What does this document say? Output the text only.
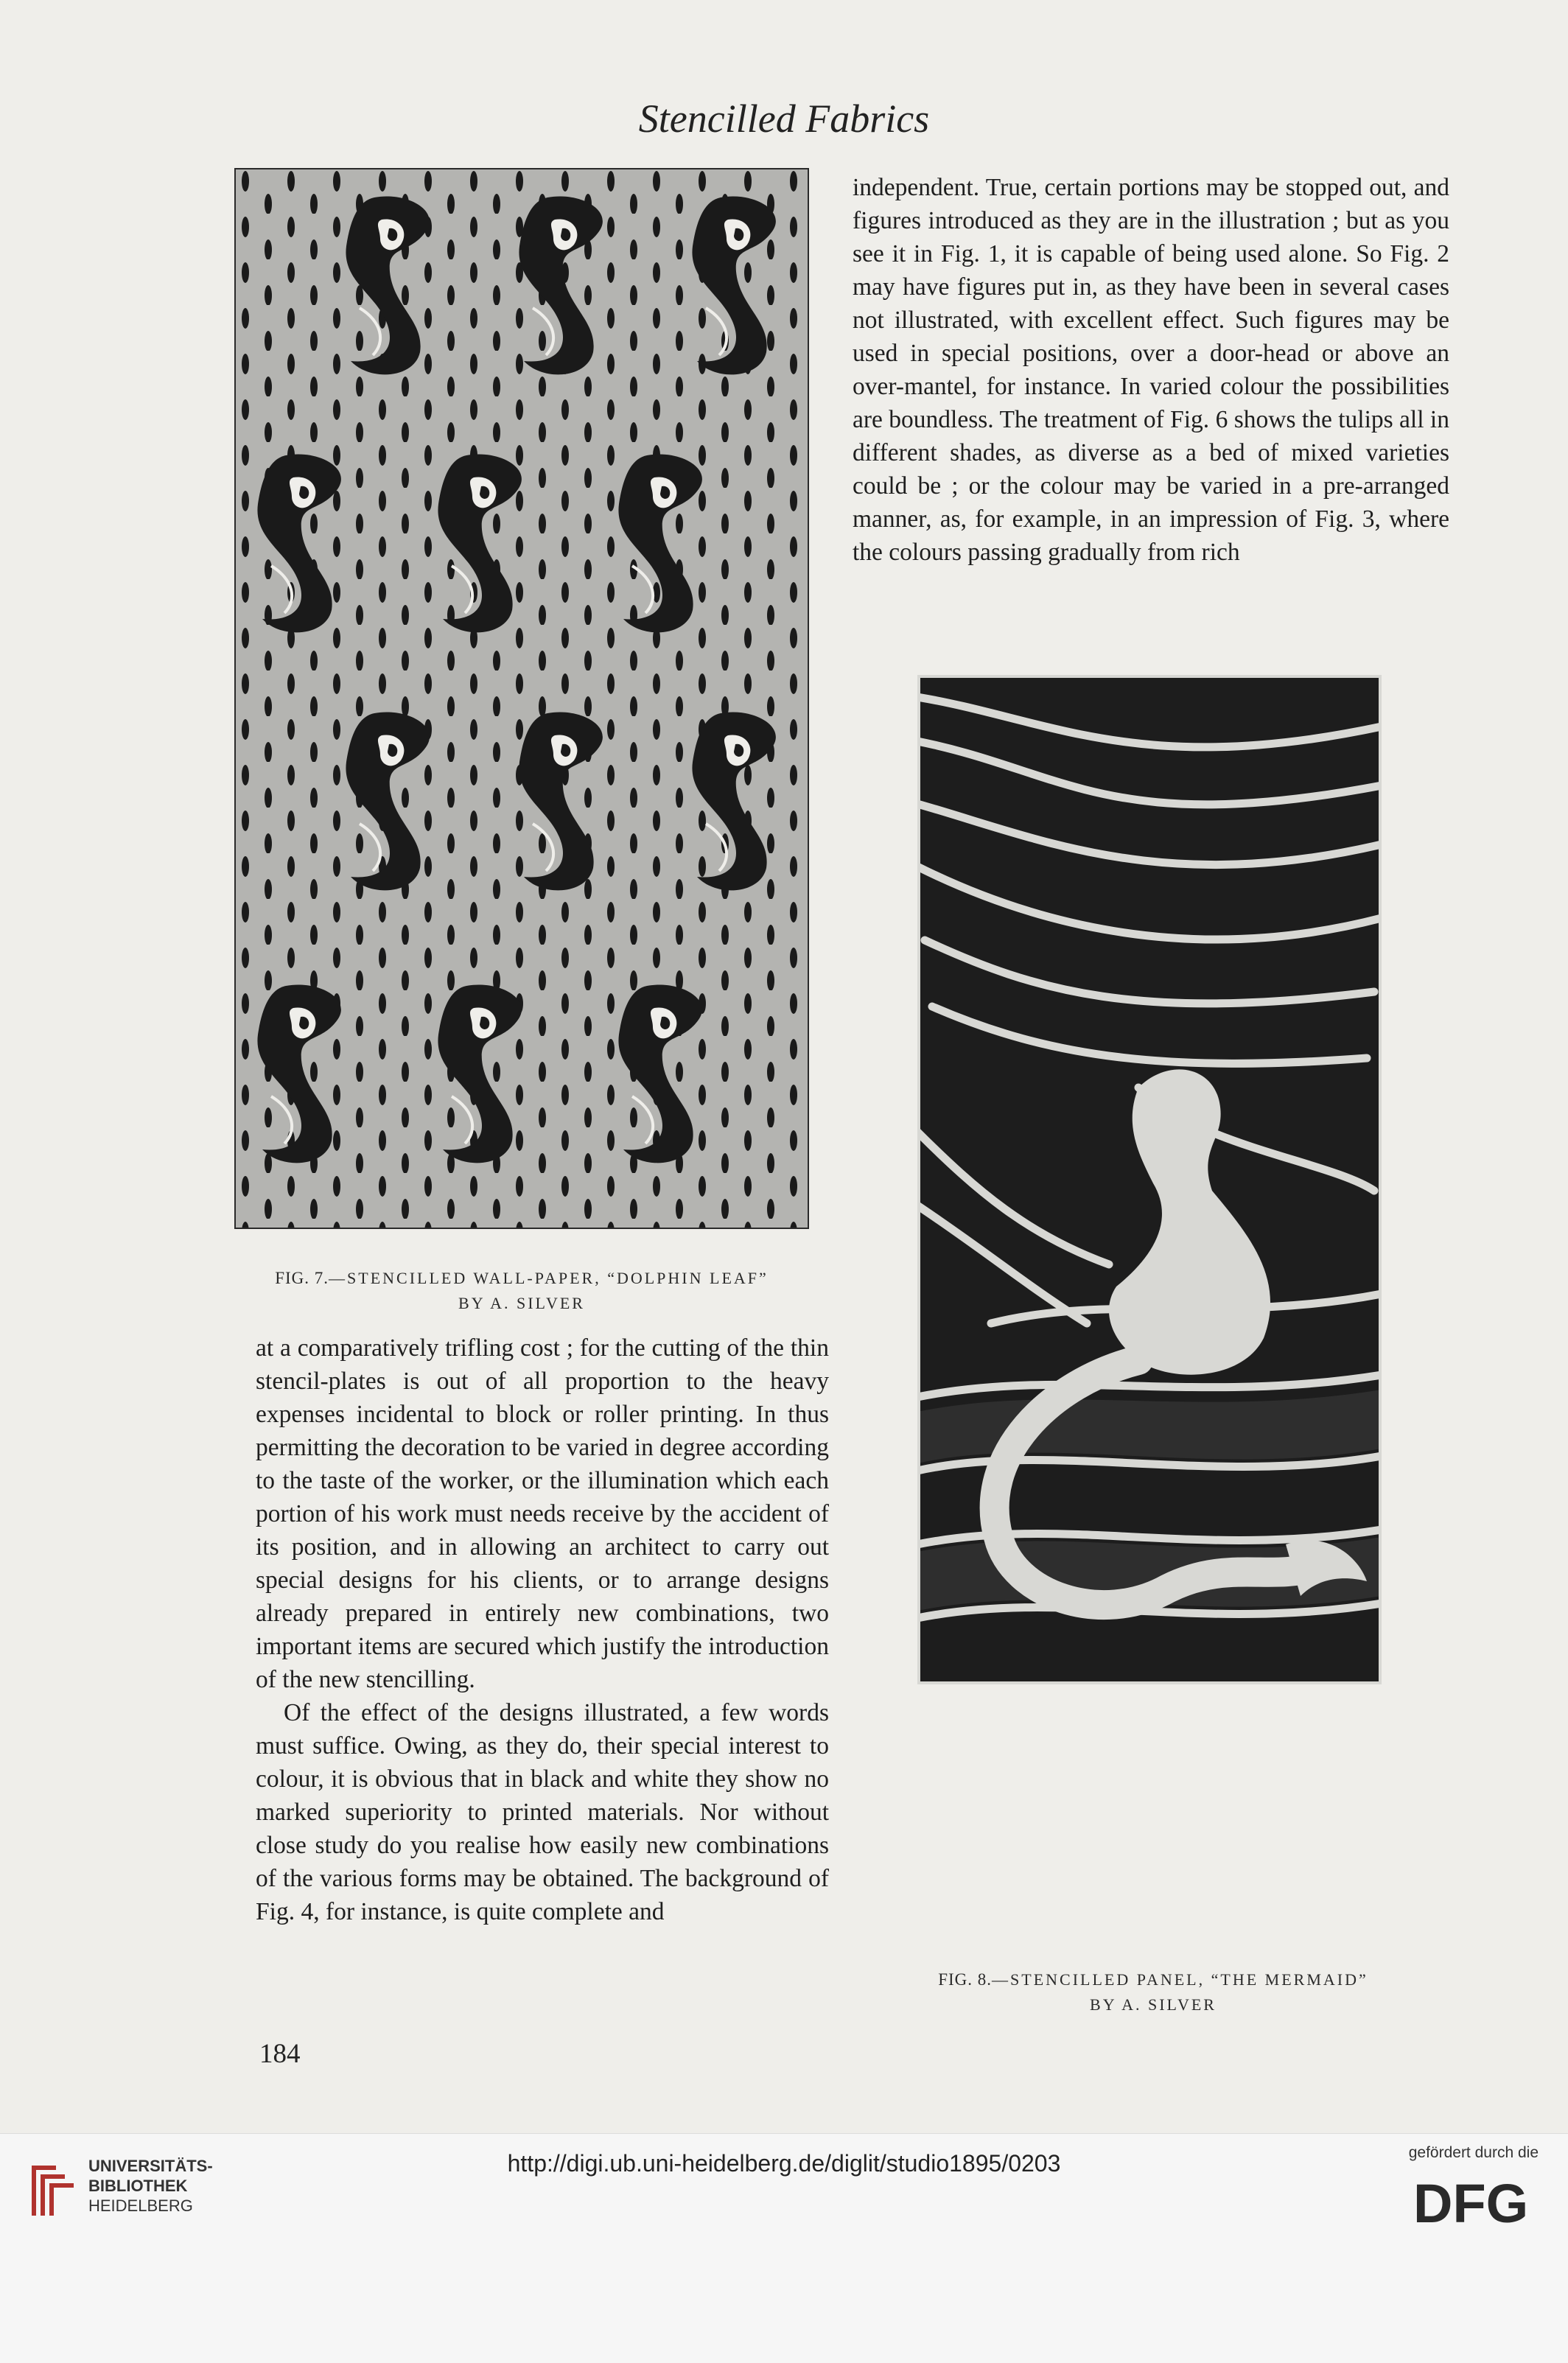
Stencilled Fabrics
FIG. 7.—STENCILLED WALL-PAPER, “DOLPHIN LEAF”
BY A. SILVER

independent. True, certain portions may be stopped out, and figures introduced as they are in the illustration ; but as you see it in Fig. 1, it is capable of being used alone. So Fig. 2 may have figures put in, as they have been in several cases not illustrated, with excellent effect. Such figures may be used in special positions, over a door-head or above an over-mantel, for instance. In varied colour the possibilities are boundless. The treatment of Fig. 6 shows the tulips all in different shades, as diverse as a bed of mixed varieties could be ; or the colour may be varied in a pre-arranged manner, as, for example, in an impression of Fig. 3, where the colours passing gradually from rich

FIG. 8.—STENCILLED PANEL, “THE MERMAID”
BY A. SILVER

at a comparatively trifling cost ; for the cutting of the thin stencil-plates is out of all proportion to the heavy expenses incidental to block or roller printing. In thus permitting the decoration to be varied in degree according to the taste of the worker, or the illumination which each portion of his work must needs receive by the accident of its position, and in allowing an architect to carry out special designs for his clients, or to arrange designs already prepared in entirely new combinations, two important items are secured which justify the introduction of the new stencilling.

Of the effect of the designs illustrated, a few words must suffice. Owing, as they do, their special interest to colour, it is obvious that in black and white they show no marked superiority to printed materials. Nor without close study do you realise how easily new combinations of the various forms may be obtained. The background of Fig. 4, for instance, is quite complete and

184
UNIVERSITÄTS-
BIBLIOTHEK
HEIDELBERG
http://digi.ub.uni-heidelberg.de/diglit/studio1895/0203	gefördert durch die
DFG
